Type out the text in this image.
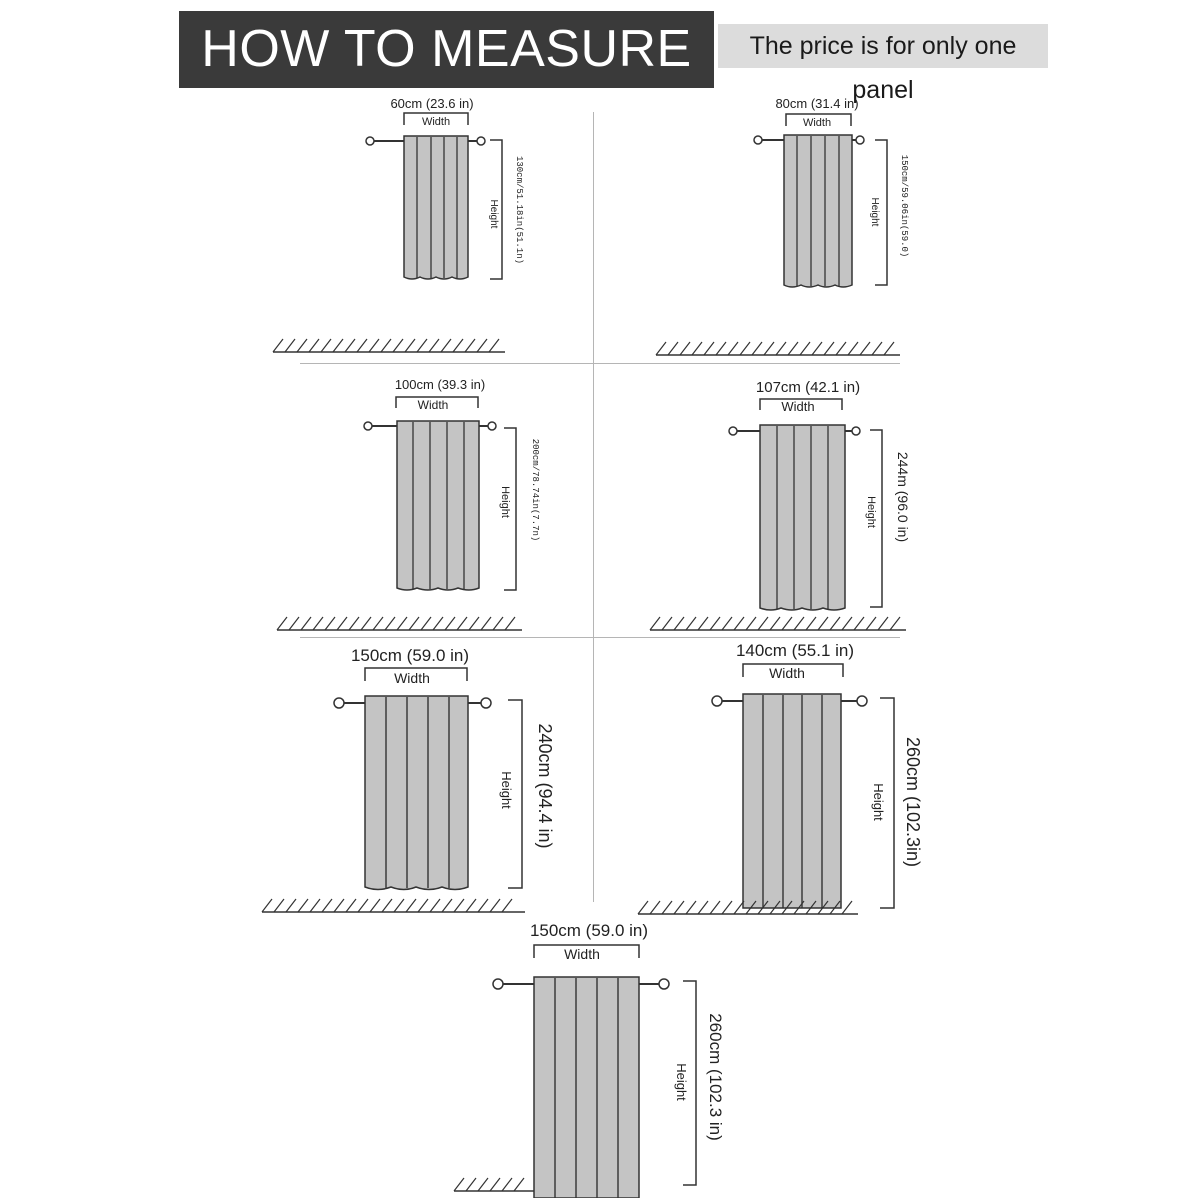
HOW TO MEASURE	The price is for only one panel
60cm (23.6 in)
Width
Height 130cm/51.18in(51.1n)
80cm (31.4 in)
Width
Height 150cm/59.06in(59.0)
100cm (39.3 in)
Width
Height 200cm/78.74in(7.7n)
107cm (42.1 in)
Width
Height 244m (96.0 in)
150cm (59.0 in)
Width
Height 240cm (94.4 in)
140cm (55.1 in)
Width
Height 260cm (102.3in)
150cm (59.0 in)
Width
Height 260cm (102.3 in)
